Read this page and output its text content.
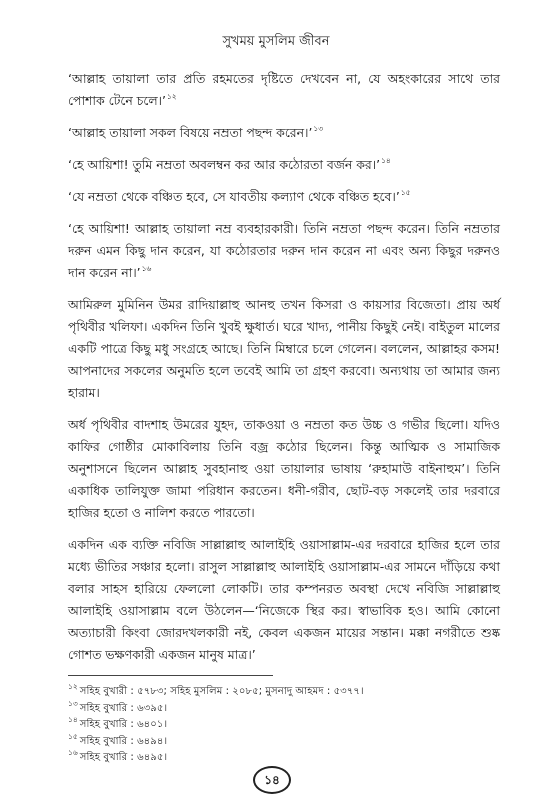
সুখময় মুসলিম জীবন

‘আল্লাহ তায়ালা তার প্রতি রহমতের দৃষ্টিতে দেখবেন না, যে অহংকারের সাথে তার পোশাক টেনে চলে।’$^{১২}$

‘আল্লাহ তায়ালা সকল বিষয়ে নম্রতা পছন্দ করেন।’$^{১৩}$

‘হে আয়িশা! তুমি নম্রতা অবলম্বন কর আর কঠোরতা বর্জন কর।’$^{১৪}$

‘যে নম্রতা থেকে বঞ্চিত হবে, সে যাবতীয় কল্যাণ থেকে বঞ্চিত হবে।’$^{১৫}$

‘হে আয়িশা! আল্লাহ তায়ালা নম্র ব্যবহারকারী। তিনি নম্রতা পছন্দ করেন। তিনি নম্রতার দরুন এমন কিছু দান করেন, যা কঠোরতার দরুন দান করেন না এবং অন্য কিছুর দরুনও দান করেন না।’$^{১৬}$

আমিরুল মুমিনিন উমর রাদিয়াল্লাহু আনহু তখন কিসরা ও কায়সার বিজেতা। প্রায় অর্ধ পৃথিবীর খলিফা। একদিন তিনি খুবই ক্ষুধার্ত। ঘরে খাদ্য, পানীয় কিছুই নেই। বাইতুল মালের একটি পাত্রে কিছু মধু সংগ্রহে আছে। তিনি মিম্বারে চলে গেলেন। বললেন, আল্লাহর কসম! আপনাদের সকলের অনুমতি হলে তবেই আমি তা গ্রহণ করবো। অন্যথায় তা আমার জন্য হারাম।

অর্ধ পৃথিবীর বাদশাহ উমরের যুহদ, তাকওয়া ও নম্রতা কত উচ্চ ও গভীর ছিলো। যদিও কাফির গোষ্ঠীর মোকাবিলায় তিনি বজ্র কঠোর ছিলেন। কিন্তু আত্মিক ও সামাজিক অনুশাসনে ছিলেন আল্লাহ সুবহানাহু ওয়া তায়ালার ভাষায় ‘রুহামাউ বাইনাহুম’। তিনি একাধিক তালিযুক্ত জামা পরিধান করতেন। ধনী-গরীব, ছোট-বড় সকলেই তার দরবারে হাজির হতো ও নালিশ করতে পারতো।

একদিন এক ব্যক্তি নবিজি সাল্লাল্লাহু আলাইহি ওয়াসাল্লাম-এর দরবারে হাজির হলে তার মধ্যে ভীতির সঞ্চার হলো। রাসুল সাল্লাল্লাহু আলাইহি ওয়াসাল্লাম-এর সামনে দাঁড়িয়ে কথা বলার সাহস হারিয়ে ফেললো লোকটি। তার কম্পনরত অবস্থা দেখে নবিজি সাল্লাল্লাহু আলাইহি ওয়াসাল্লাম বলে উঠলেন—‘নিজেকে স্থির কর। স্বাভাবিক হও। আমি কোনো অত্যাচারী কিংবা জোরদখলকারী নই, কেবল একজন মায়ের সন্তান। মক্কা নগরীতে শুষ্ক গোশত ভক্ষণকারী একজন মানুষ মাত্র।’

$^{১২}$ সহিহ বুখারী : ৫৭৮৩; সহিহ মুসলিম : ২০৮৫; মুসনাদু আহমদ : ৫৩৭৭।

$^{১৩}$ সহিহ বুখারি : ৬৩৯৫।

$^{১৪}$ সহিহ বুখারি : ৬৪০১।

$^{১৫}$ সহিহ বুখারি : ৬৪৯৪।

$^{১৬}$ সহিহ বুখারি : ৬৪৯৫।

১৪
